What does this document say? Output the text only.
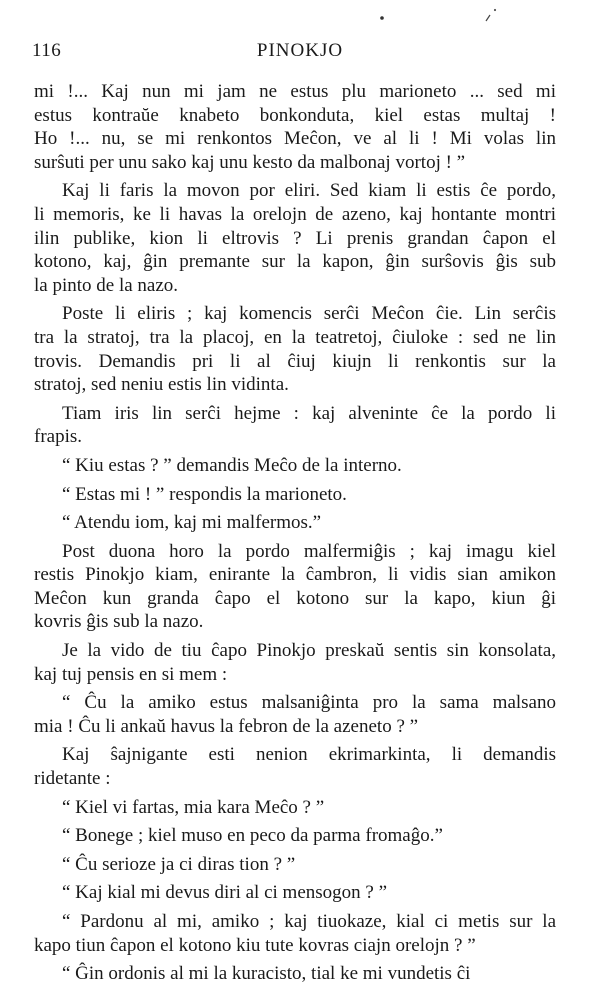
116	PINOKJO
mi !... Kaj nun mi jam ne estus plu marioneto ... sed mi
estus kontraŭe knabeto bonkonduta, kiel estas multaj !
Ho !... nu, se mi renkontos Meĉon, ve al li ! Mi volas lin
surŝuti per unu sako kaj unu kesto da malbonaj vortoj ! ”
Kaj li faris la movon por eliri. Sed kiam li estis ĉe pordo,
li memoris, ke li havas la orelojn de azeno, kaj hontante montri
ilin publike, kion li eltrovis ? Li prenis grandan ĉapon el
kotono, kaj, ĝin premante sur la kapon, ĝin surŝovis ĝis sub
la pinto de la nazo.
Poste li eliris ; kaj komencis serĉi Meĉon ĉie. Lin serĉis
tra la stratoj, tra la placoj, en la teatretoj, ĉiuloke : sed ne lin
trovis. Demandis pri li al ĉiuj kiujn li renkontis sur la
stratoj, sed neniu estis lin vidinta.
Tiam iris lin serĉi hejme : kaj alveninte ĉe la pordo li
frapis.
“ Kiu estas ? ” demandis Meĉo de la interno.
“ Estas mi ! ” respondis la marioneto.
“ Atendu iom, kaj mi malfermos.”
Post duona horo la pordo malfermiĝis ; kaj imagu kiel
restis Pinokjo kiam, enirante la ĉambron, li vidis sian amikon
Meĉon kun granda ĉapo el kotono sur la kapo, kiun ĝi
kovris ĝis sub la nazo.
Je la vido de tiu ĉapo Pinokjo preskaŭ sentis sin konsolata,
kaj tuj pensis en si mem :
“ Ĉu la amiko estus malsaniĝinta pro la sama malsano
mia ! Ĉu li ankaŭ havus la febron de la azeneto ? ”
Kaj ŝajnigante esti nenion ekrimarkinta, li demandis
ridetante :
“ Kiel vi fartas, mia kara Meĉo ? ”
“ Bonege ; kiel muso en peco da parma fromaĝo.”
“ Ĉu serioze ja ci diras tion ? ”
“ Kaj kial mi devus diri al ci mensogon ? ”
“ Pardonu al mi, amiko ; kaj tiuokaze, kial ci metis sur la
kapo tiun ĉapon el kotono kiu tute kovras ciajn orelojn ? ”
“ Ĝin ordonis al mi la kuracisto, tial ke mi vundetis ĉi
